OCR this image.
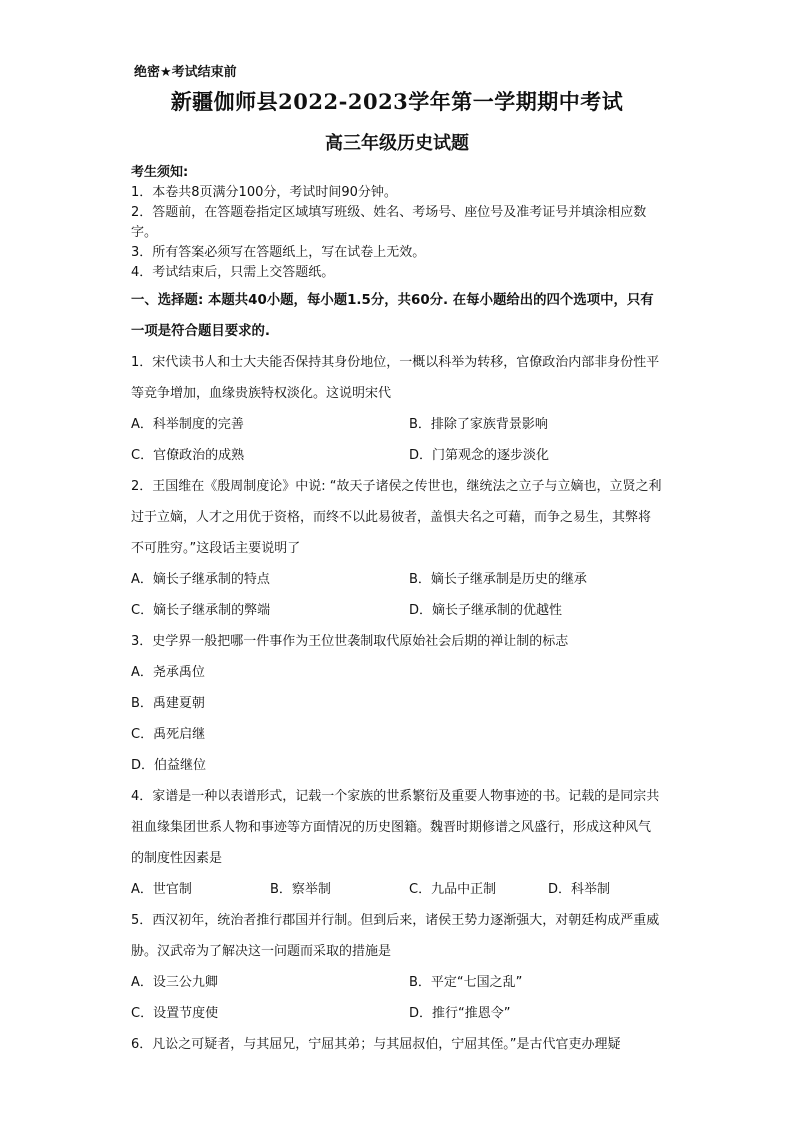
绝密★考试结束前
新疆伽师县2022-2023学年第一学期期中考试
高三年级历史试题
考生须知:

1．本卷共8页满分100分，考试时间90分钟。

2．答题前，在答题卷指定区域填写班级、姓名、考场号、座位号及准考证号并填涂相应数字。

3．所有答案必须写在答题纸上，写在试卷上无效。

4．考试结束后，只需上交答题纸。

一、选择题: 本题共40小题，每小题1.5分，共60分. 在每小题给出的四个选项中，只有一项是符合题目要求的.

1．宋代读书人和士大夫能否保持其身份地位，一概以科举为转移，官僚政治内部非身份性平等竞争增加，血缘贵族特权淡化。这说明宋代

A．科举制度的完善	B．排除了家族背景影响
C．官僚政治的成熟	D．门第观念的逐步淡化

2．王国维在《殷周制度论》中说: “故天子诸侯之传世也，继统法之立子与立嫡也，立贤之利过于立嫡，人才之用优于资格，而终不以此易彼者，盖惧夫名之可藉，而争之易生，其弊将不可胜穷。”这段话主要说明了

A．嫡长子继承制的特点	B．嫡长子继承制是历史的继承
C．嫡长子继承制的弊端	D．嫡长子继承制的优越性

3．史学界一般把哪一件事作为王位世袭制取代原始社会后期的禅让制的标志

A．尧承禹位
B．禹建夏朝
C．禹死启继
D．伯益继位

4．家谱是一种以表谱形式，记载一个家族的世系繁衍及重要人物事迹的书。记载的是同宗共祖血缘集团世系人物和事迹等方面情况的历史图籍。魏晋时期修谱之风盛行，形成这种风气的制度性因素是

A．世官制	B．察举制	C．九品中正制	D．科举制

5．西汉初年，统治者推行郡国并行制。但到后来，诸侯王势力逐渐强大，对朝廷构成严重威胁。汉武帝为了解决这一问题而采取的措施是

A．设三公九卿	B．平定“七国之乱”
C．设置节度使	D．推行“推恩令”

6．凡讼之可疑者，与其屈兄，宁屈其弟；与其屈叔伯，宁屈其侄。”是古代官吏办理疑
